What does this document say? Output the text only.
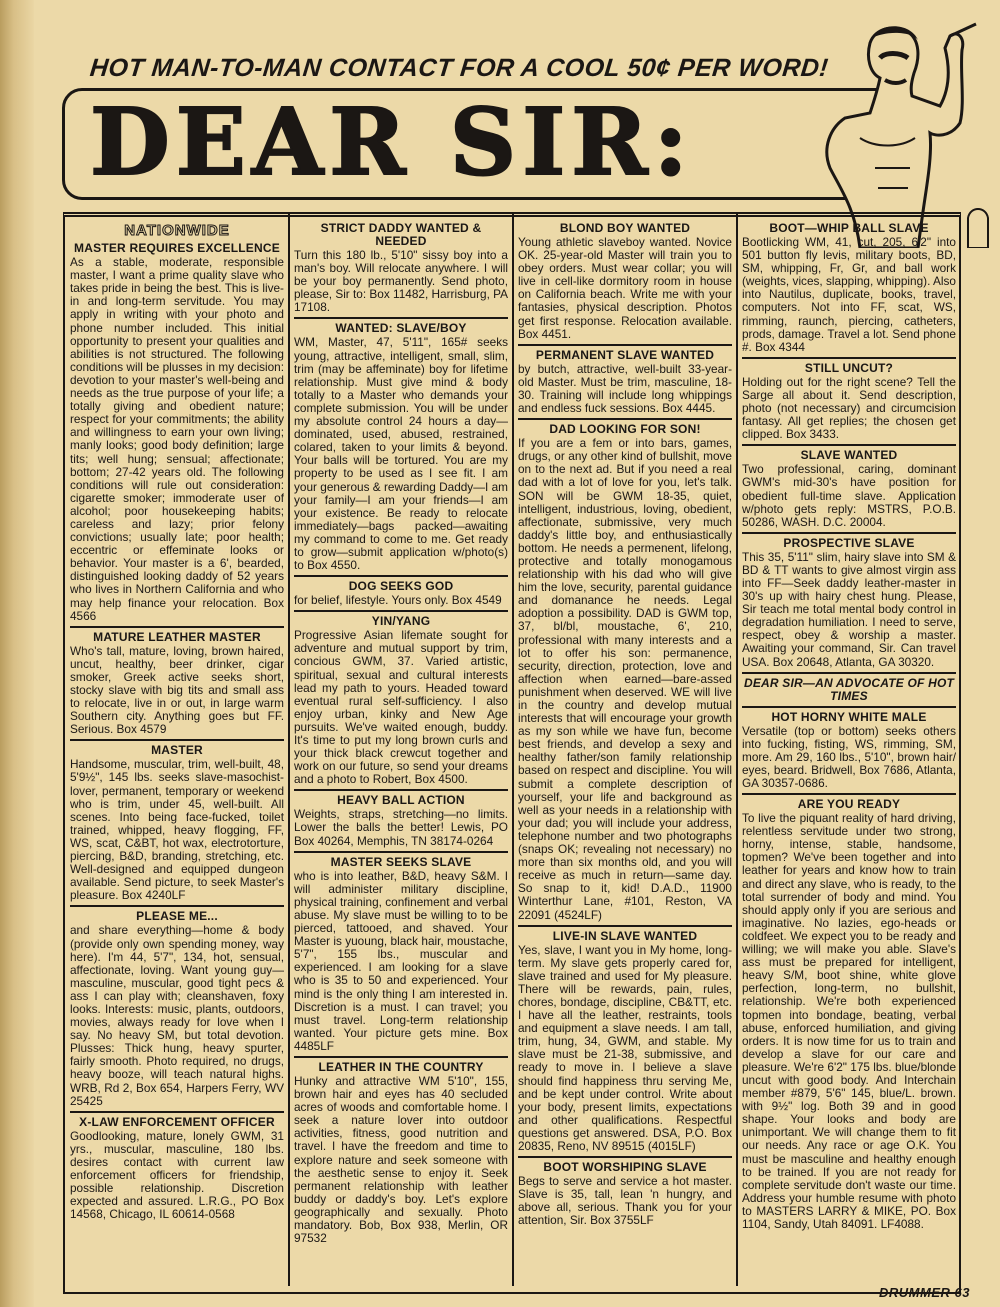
HOT MAN-TO-MAN CONTACT FOR A COOL 50¢ PER WORD!
DEAR SIR:
NATIONWIDE
MASTER REQUIRES EXCELLENCE

As a stable, moderate, responsible master, I want a prime quality slave who takes pride in being the best. This is live-in and long-term servitude. You may apply in writing with your photo and phone number included. This initial opportunity to present your qualities and abilities is not structured. The following conditions will be plusses in my decision: devotion to your master's well-being and needs as the true purpose of your life; a totally giving and obedient nature; respect for your commitments; the ability and willingness to earn your own living; manly looks; good body definition; large tits; well hung; sensual; affectionate; bottom; 27-42 years old. The following conditions will rule out consideration: cigarette smoker; immoderate user of alcohol; poor housekeeping habits; careless and lazy; prior felony convictions; usually late; poor health; eccentric or effeminate looks or behavior. Your master is a 6', bearded, distinguished looking daddy of 52 years who lives in Northern California and who may help finance your relocation. Box 4566

MATURE LEATHER MASTER

Who's tall, mature, loving, brown haired, uncut, healthy, beer drinker, cigar smoker, Greek active seeks short, stocky slave with big tits and small ass to relocate, live in or out, in large warm Southern city. Anything goes but FF. Serious. Box 4579

MASTER

Handsome, muscular, trim, well-built, 48, 5'9½", 145 lbs. seeks slave-masochist-lover, permanent, temporary or weekend who is trim, under 45, well-built. All scenes. Into being face-fucked, toilet trained, whipped, heavy flogging, FF, WS, scat, C&BT, hot wax, electrotorture, piercing, B&D, branding, stretching, etc. Well-designed and equipped dungeon available. Send picture, to seek Master's pleasure. Box 4240LF

PLEASE ME...

and share everything—home & body (provide only own spending money, way here). I'm 44, 5'7", 134, hot, sensual, affectionate, loving. Want young guy—masculine, muscular, good tight pecs & ass I can play with; cleanshaven, foxy looks. Interests: music, plants, outdoors, movies, always ready for love when I say. No heavy SM, but total devotion. Plusses: Thick hung, heavy spurter, fairly smooth. Photo required, no drugs, heavy booze, will teach natural highs. WRB, Rd 2, Box 654, Harpers Ferry, WV 25425

X-LAW ENFORCEMENT OFFICER

Goodlooking, mature, lonely GWM, 31 yrs., muscular, masculine, 180 lbs. desires contact with current law enforcement officers for friendship, possible relationship. Discretion expected and assured. L.R.G., PO Box 14568, Chicago, IL 60614-0568

STRICT DADDY WANTED & NEEDED

Turn this 180 lb., 5'10" sissy boy into a man's boy. Will relocate anywhere. I will be your boy permanently. Send photo, please, Sir to: Box 11482, Harrisburg, PA 17108.

WANTED: SLAVE/BOY

WM, Master, 47, 5'11", 165# seeks young, attractive, intelligent, small, slim, trim (may be affeminate) boy for lifetime relationship. Must give mind & body totally to a Master who demands your complete submission. You will be under my absolute control 24 hours a day—dominated, used, abused, restrained, colared, taken to your limits & beyond. Your balls will be tortured. You are my property to be used as I see fit. I am your generous & rewarding Daddy—I am your family—I am your friends—I am your existence. Be ready to relocate immediately—bags packed—awaiting my command to come to me. Get ready to grow—submit application w/photo(s) to Box 4550.

DOG SEEKS GOD

for belief, lifestyle. Yours only. Box 4549

YIN/YANG

Progressive Asian lifemate sought for adventure and mutual support by trim, concious GWM, 37. Varied artistic, spiritual, sexual and cultural interests lead my path to yours. Headed toward eventual rural self-sufficiency. I also enjoy urban, kinky and New Age pursuits. We've waited enough, buddy. It's time to put my long brown curls and your thick black crewcut together and work on our future, so send your dreams and a photo to Robert, Box 4500.

HEAVY BALL ACTION

Weights, straps, stretching—no limits. Lower the balls the better! Lewis, PO Box 40264, Memphis, TN 38174-0264

MASTER SEEKS SLAVE

who is into leather, B&D, heavy S&M. I will administer military discipline, physical training, confinement and verbal abuse. My slave must be willing to to be pierced, tattooed, and shaved. Your Master is yuoung, black hair, moustache, 5'7", 155 lbs., muscular and experienced. I am looking for a slave who is 35 to 50 and experienced. Your mind is the only thing I am interested in. Discretion is a must. I can travel; you must travel. Long-term relationship wanted. Your picture gets mine. Box 4485LF

LEATHER IN THE COUNTRY

Hunky and attractive WM 5'10", 155, brown hair and eyes has 40 secluded acres of woods and comfortable home. I seek a nature lover into outdoor activities, fitness, good nutrition and travel. I have the freedom and time to explore nature and seek someone with the aesthetic sense to enjoy it. Seek permanent relationship with leather buddy or daddy's boy. Let's explore geographically and sexually. Photo mandatory. Bob, Box 938, Merlin, OR 97532

BLOND BOY WANTED

Young athletic slaveboy wanted. Novice OK. 25-year-old Master will train you to obey orders. Must wear collar; you will live in cell-like dormitory room in house on California beach. Write me with your fantasies, physical description. Photos get first response. Relocation available. Box 4451.

PERMANENT SLAVE WANTED

by butch, attractive, well-built 33-year-old Master. Must be trim, masculine, 18-30. Training will include long whippings and endless fuck sessions. Box 4445.

DAD LOOKING FOR SON!

If you are a fem or into bars, games, drugs, or any other kind of bullshit, move on to the next ad. But if you need a real dad with a lot of love for you, let's talk. SON will be GWM 18-35, quiet, intelligent, industrious, loving, obedient, affectionate, submissive, very much daddy's little boy, and enthusiastically bottom. He needs a permenent, lifelong, protective and totally monogamous relationship with his dad who will give him the love, security, parental guidance and domanance he needs. Legal adoption a possibility. DAD is GWM top, 37, bl/bl, moustache, 6', 210, professional with many interests and a lot to offer his son: permanence, security, direction, protection, love and affection when earned—bare-assed punishment when deserved. WE will live in the country and develop mutual interests that will encourage your growth as my son while we have fun, become best friends, and develop a sexy and healthy father/son family relationship based on respect and discipline. You will submit a complete description of yourself, your life and background as well as your needs in a relationship with your dad; you will include your address, telephone number and two photographs (snaps OK; revealing not necessary) no more than six months old, and you will receive as much in return—same day. So snap to it, kid! D.A.D., 11900 Winterthur Lane, #101, Reston, VA 22091 (4524LF)

LIVE-IN SLAVE WANTED

Yes, slave, I want you in My home, long-term. My slave gets properly cared for, slave trained and used for My pleasure. There will be rewards, pain, rules, chores, bondage, discipline, CB&TT, etc. I have all the leather, restraints, tools and equipment a slave needs. I am tall, trim, hung, 34, GWM, and stable. My slave must be 21-38, submissive, and ready to move in. I believe a slave should find happiness thru serving Me, and be kept under control. Write about your body, present limits, expectations and other qualifications. Respectful questions get answered. DSA, P.O. Box 20835, Reno, NV 89515 (4015LF)

BOOT WORSHIPING SLAVE

Begs to serve and service a hot master. Slave is 35, tall, lean 'n hungry, and above all, serious. Thank you for your attention, Sir. Box 3755LF

BOOT—WHIP BALL SLAVE

Bootlicking WM, 41, cut, 205, 6'2" into 501 button fly levis, military boots, BD, SM, whipping, Fr, Gr, and ball work (weights, vices, slapping, whipping). Also into Nautilus, duplicate, books, travel, computers. Not into FF, scat, WS, rimming, raunch, piercing, catheters, prods, damage. Travel a lot. Send phone #. Box 4344

STILL UNCUT?

Holding out for the right scene? Tell the Sarge all about it. Send description, photo (not necessary) and circumcision fantasy. All get replies; the chosen get clipped. Box 3433.

SLAVE WANTED

Two professional, caring, dominant GWM's mid-30's have position for obedient full-time slave. Application w/photo gets reply: MSTRS, P.O.B. 50286, WASH. D.C. 20004.

PROSPECTIVE SLAVE

This 35, 5'11" slim, hairy slave into SM & BD & TT wants to give almost virgin ass into FF—Seek daddy leather-master in 30's up with hairy chest hung. Please, Sir teach me total mental body control in degradation humiliation. I need to serve, respect, obey & worship a master. Awaiting your command, Sir. Can travel USA. Box 20648, Atlanta, GA 30320.

DEAR SIR—AN ADVOCATE OF HOT TIMES
HOT HORNY WHITE MALE

Versatile (top or bottom) seeks others into fucking, fisting, WS, rimming, SM, more. Am 29, 160 lbs., 5'10", brown hair/ eyes, beard. Bridwell, Box 7686, Atlanta, GA 30357-0686.

ARE YOU READY

To live the piquant reality of hard driving, relentless servitude under two strong, horny, intense, stable, handsome, topmen? We've been together and into leather for years and know how to train and direct any slave, who is ready, to the total surrender of body and mind. You should apply only if you are serious and imaginative. No lazies, ego-heads or coldfeet. We expect you to be ready and willing; we will make you able. Slave's ass must be prepared for intelligent, heavy S/M, boot shine, white glove perfection, long-term, no bullshit, relationship. We're both experienced topmen into bondage, beating, verbal abuse, enforced humiliation, and giving orders. It is now time for us to train and develop a slave for our care and pleasure. We're 6'2" 175 lbs. blue/blonde uncut with good body. And Interchain member #879, 5'6" 145, blue/L. brown. with 9½" log. Both 39 and in good shape. Your looks and body are unimportant. We will change them to fit our needs. Any race or age O.K. You must be masculine and healthy enough to be trained. If you are not ready for complete servitude don't waste our time. Address your humble resume with photo to MASTERS LARRY & MIKE, PO. Box 1104, Sandy, Utah 84091. LF4088.

DRUMMER 63
